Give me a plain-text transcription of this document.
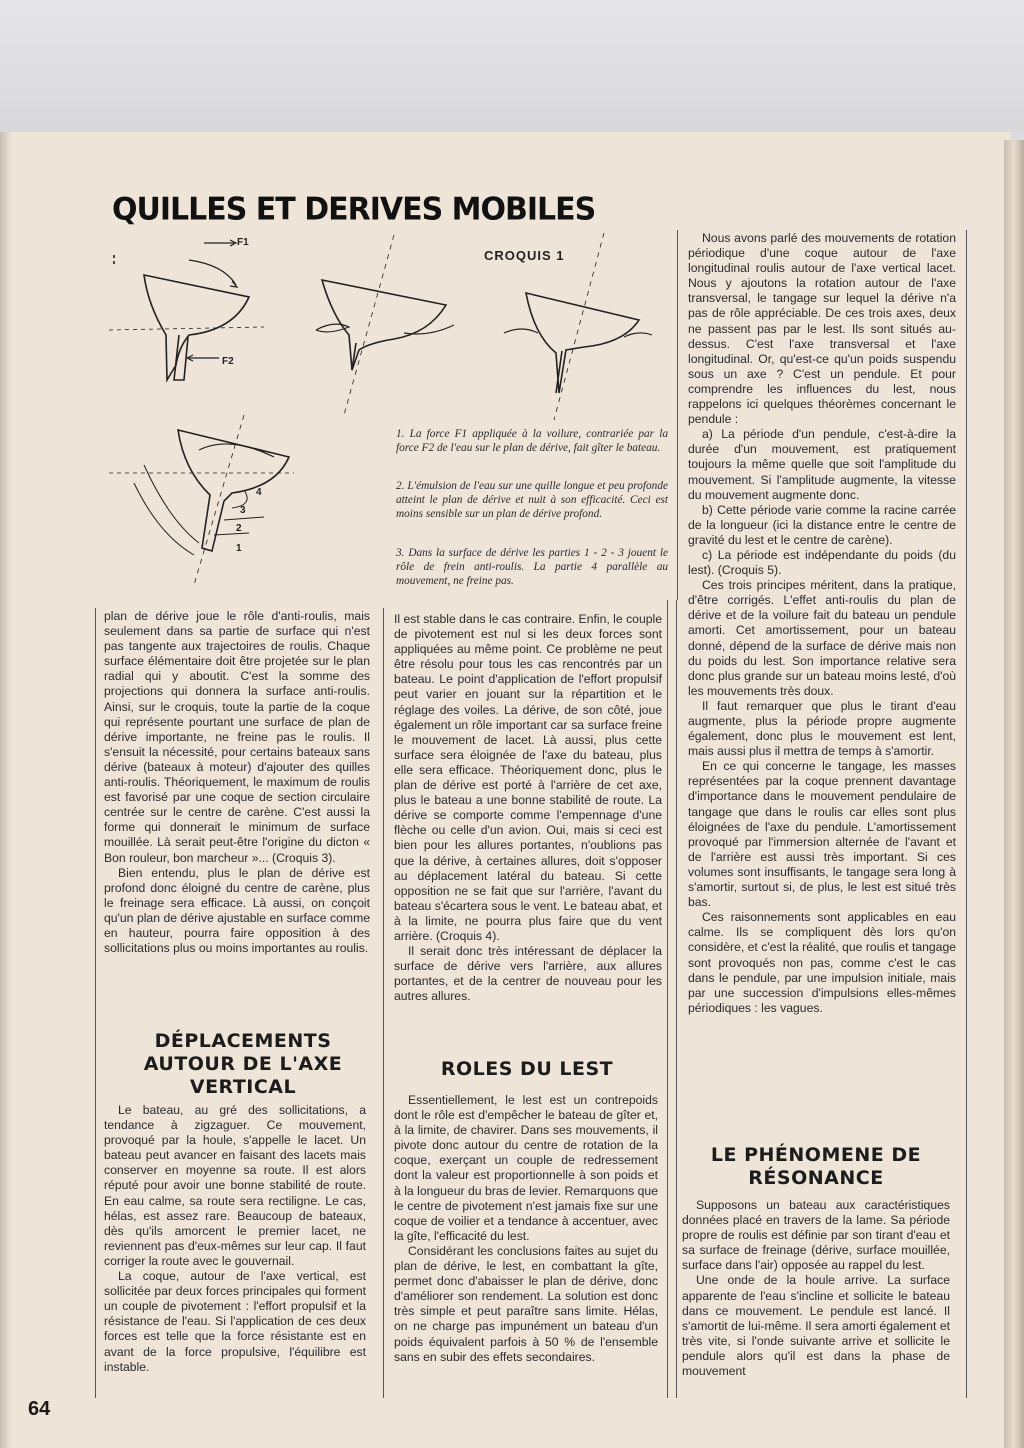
QUILLES ET DERIVES MOBILES
CROQUIS 1
F1
F2
1
2
3
4
1. La force F1 appliquée à la voilure, contrariée par la force F2 de l'eau sur le plan de dérive, fait gîter le bateau.
2. L'émulsion de l'eau sur une quille longue et peu profonde atteint le plan de dérive et nuit à son efficacité. Ceci est moins sensible sur un plan de dérive profond.
3. Dans la surface de dérive les parties 1 - 2 - 3 jouent le rôle de frein anti-roulis. La partie 4 parallèle au mouvement, ne freine pas.

plan de dérive joue le rôle d'anti-roulis, mais seulement dans sa partie de surface qui n'est pas tangente aux trajectoires de roulis. Chaque surface élémentaire doit être projetée sur le plan radial qui y aboutit. C'est la somme des projections qui donnera la surface anti-roulis. Ainsi, sur le croquis, toute la partie de la coque qui représente pourtant une surface de plan de dérive importante, ne freine pas le roulis. Il s'ensuit la nécessité, pour certains bateaux sans dérive (bateaux à moteur) d'ajouter des quilles anti-roulis. Théoriquement, le maximum de roulis est favorisé par une coque de section circulaire centrée sur le centre de carène. C'est aussi la forme qui donnerait le minimum de surface mouillée. Là serait peut-être l'origine du dicton « Bon rouleur, bon marcheur »... (Croquis 3).

Bien entendu, plus le plan de dérive est profond donc éloigné du centre de carène, plus le freinage sera efficace. Là aussi, on conçoit qu'un plan de dérive ajustable en surface comme en hauteur, pourra faire opposition à des sollicitations plus ou moins importantes au roulis.

DÉPLACEMENTS AUTOUR DE L'AXE VERTICAL

Le bateau, au gré des sollicitations, a tendance à zigzaguer. Ce mouvement, provoqué par la houle, s'appelle le lacet. Un bateau peut avancer en faisant des lacets mais conserver en moyenne sa route. Il est alors réputé pour avoir une bonne stabilité de route. En eau calme, sa route sera rectiligne. Le cas, hélas, est assez rare. Beaucoup de bateaux, dès qu'ils amorcent le premier lacet, ne reviennent pas d'eux-mêmes sur leur cap. Il faut corriger la route avec le gouvernail.

La coque, autour de l'axe vertical, est sollicitée par deux forces principales qui forment un couple de pivotement : l'effort propulsif et la résistance de l'eau. Si l'application de ces deux forces est telle que la force résistante est en avant de la force propulsive, l'équilibre est instable.

Il est stable dans le cas contraire. Enfin, le couple de pivotement est nul si les deux forces sont appliquées au même point. Ce problème ne peut être résolu pour tous les cas rencontrés par un bateau. Le point d'application de l'effort propulsif peut varier en jouant sur la répartition et le réglage des voiles. La dérive, de son côté, joue également un rôle important car sa surface freine le mouvement de lacet. Là aussi, plus cette surface sera éloignée de l'axe du bateau, plus elle sera efficace. Théoriquement donc, plus le plan de dérive est porté à l'arrière de cet axe, plus le bateau a une bonne stabilité de route. La dérive se comporte comme l'empennage d'une flèche ou celle d'un avion. Oui, mais si ceci est bien pour les allures portantes, n'oublions pas que la dérive, à certaines allures, doit s'opposer au déplacement latéral du bateau. Si cette opposition ne se fait que sur l'arrière, l'avant du bateau s'écartera sous le vent. Le bateau abat, et à la limite, ne pourra plus faire que du vent arrière. (Croquis 4).

Il serait donc très intéressant de déplacer la surface de dérive vers l'arrière, aux allures portantes, et de la centrer de nouveau pour les autres allures.

ROLES DU LEST

Essentiellement, le lest est un contrepoids dont le rôle est d'empêcher le bateau de gîter et, à la limite, de chavirer. Dans ses mouvements, il pivote donc autour du centre de rotation de la coque, exerçant un couple de redressement dont la valeur est proportionnelle à son poids et à la longueur du bras de levier. Remarquons que le centre de pivotement n'est jamais fixe sur une coque de voilier et a tendance à accentuer, avec la gîte, l'efficacité du lest.

Considérant les conclusions faites au sujet du plan de dérive, le lest, en combattant la gîte, permet donc d'abaisser le plan de dérive, donc d'améliorer son rendement. La solution est donc très simple et peut paraître sans limite. Hélas, on ne charge pas impunément un bateau d'un poids équivalent parfois à 50 % de l'ensemble sans en subir des effets secondaires.

Nous avons parlé des mouvements de rotation périodique d'une coque autour de l'axe longitudinal roulis autour de l'axe vertical lacet. Nous y ajoutons la rotation autour de l'axe transversal, le tangage sur lequel la dérive n'a pas de rôle appréciable. De ces trois axes, deux ne passent pas par le lest. Ils sont situés au-dessus. C'est l'axe transversal et l'axe longitudinal. Or, qu'est-ce qu'un poids suspendu sous un axe ? C'est un pendule. Et pour comprendre les influences du lest, nous rappelons ici quelques théorèmes concernant le pendule :

a) La période d'un pendule, c'est-à-dire la durée d'un mouvement, est pratiquement toujours la même quelle que soit l'amplitude du mouvement. Si l'amplitude augmente, la vitesse du mouvement augmente donc.

b) Cette période varie comme la racine carrée de la longueur (ici la distance entre le centre de gravité du lest et le centre de carène).

c) La période est indépendante du poids (du lest). (Croquis 5).

Ces trois principes méritent, dans la pratique, d'être corrigés. L'effet anti-roulis du plan de dérive et de la voilure fait du bateau un pendule amorti. Cet amortissement, pour un bateau donné, dépend de la surface de dérive mais non du poids du lest. Son importance relative sera donc plus grande sur un bateau moins lesté, d'où les mouvements très doux.

Il faut remarquer que plus le tirant d'eau augmente, plus la période propre augmente également, donc plus le mouvement est lent, mais aussi plus il mettra de temps à s'amortir.

En ce qui concerne le tangage, les masses représentées par la coque prennent davantage d'importance dans le mouvement pendulaire de tangage que dans le roulis car elles sont plus éloignées de l'axe du pendule. L'amortissement provoqué par l'immersion alternée de l'avant et de l'arrière est aussi très important. Si ces volumes sont insuffisants, le tangage sera long à s'amortir, surtout si, de plus, le lest est situé très bas.

Ces raisonnements sont applicables en eau calme. Ils se compliquent dès lors qu'on considère, et c'est la réalité, que roulis et tangage sont provoqués non pas, comme c'est le cas dans le pendule, par une impulsion initiale, mais par une succession d'impulsions elles-mêmes périodiques : les vagues.

LE PHÉNOMENE DE RÉSONANCE

Supposons un bateau aux caractéristiques données placé en travers de la lame. Sa période propre de roulis est définie par son tirant d'eau et sa surface de freinage (dérive, surface mouillée, surface dans l'air) opposée au rappel du lest.

Une onde de la houle arrive. La surface apparente de l'eau s'incline et sollicite le bateau dans ce mouvement. Le pendule est lancé. Il s'amortit de lui-même. Il sera amorti également et très vite, si l'onde suivante arrive et sollicite le pendule alors qu'il est dans la phase de mouvement

64
